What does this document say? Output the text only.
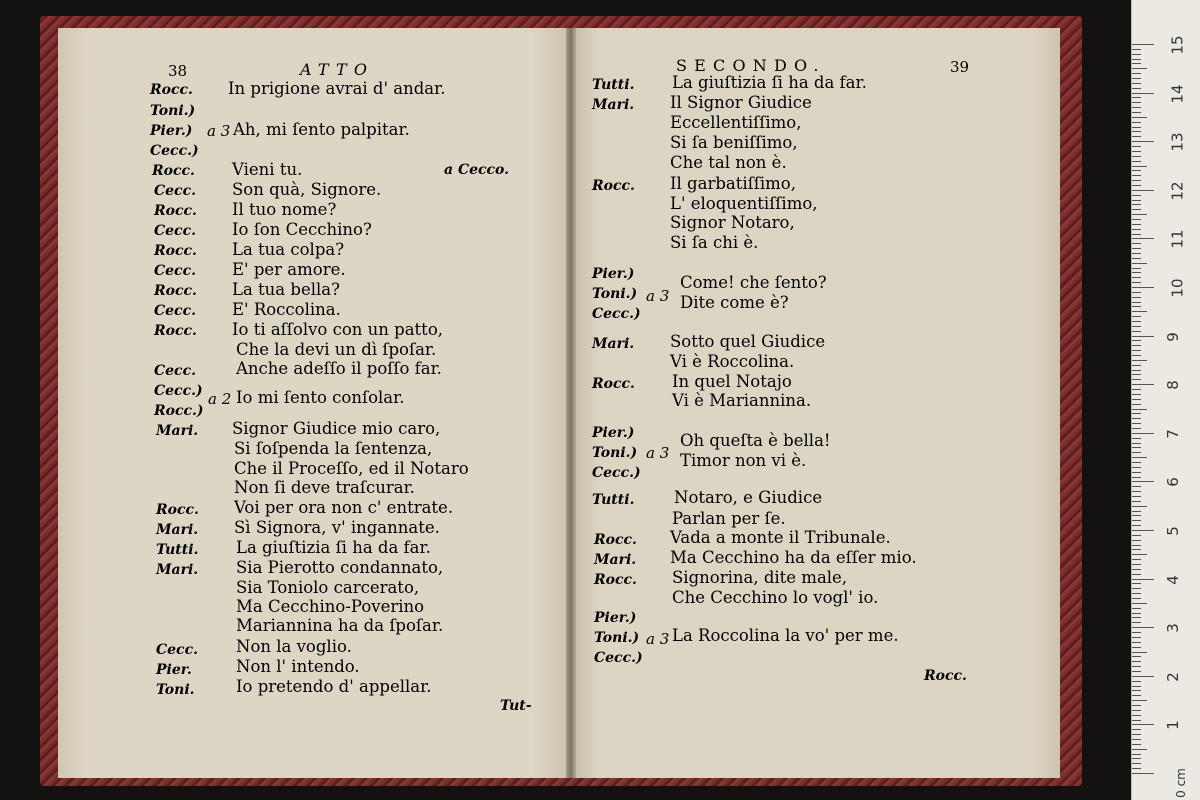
38	ATTO
Rocc. In prigione avrai d' andar.
Toni.)
Pier.) a 3 Ah, mi ſento palpitar.
Cecc.)
Rocc. Vieni tu.	a Cecco.
Cecc. Son quà, Signore.
Rocc. Il tuo nome?
Cecc. Io ſon Cecchino?
Rocc. La tua colpa?
Cecc. E' per amore.
Rocc. La tua bella?
Cecc. E' Roccolina.
Rocc. Io ti aſſolvo con un patto,
Che la devi un dì ſpoſar.
Cecc. Anche adeſſo il poſſo far.
Cecc.) a 2 Io mi ſento conſolar.
Rocc.)
Mari. Signor Giudice mio caro,
Si ſoſpenda la ſentenza,
Che il Proceſſo, ed il Notaro
Non ſi deve traſcurar.
Rocc. Voi per ora non c' entrate.
Mari. Sì Signora, v' ingannate.
Tutti. La giuſtizia ſi ha da far.
Mari. Sia Pierotto condannato,
Sia Toniolo carcerato,
Ma Cecchino-Poverino
Mariannina ha da ſpoſar.
Cecc. Non la voglio.
Pier.	Non l' intendo.
Toni.	Io pretendo d' appellar.
Tut-
SECONDO.	39
Tutti. La giuſtizia ſi ha da far.
Mari. Il Signor Giudice
Eccellentiſſimo,
Si ſa beniſſimo,
Che tal non è.
Rocc. Il garbatiſſimo,
L' eloquentiſſimo,
Signor Notaro,
Si ſa chi è.
Pier.)
Toni.)
Cecc.)
a 3
Come! che ſento?
Dite come è?
Mari. Sotto quel Giudice
Vi è Roccolina.
Rocc. In quel Notajo
Vi è Mariannina.
Pier.)
Toni.)
Cecc.)
a 3
Oh queſta è bella!
Timor non vi è.
Tutti. Notaro, e Giudice
Parlan per ſe.
Rocc. Vada a monte il Tribunale.
Mari. Ma Cecchino ha da eſſer mio.
Rocc. Signorina, dite male,
Che Cecchino lo vogl' io.
Pier.)
Toni.)
Cecc.)
a 3 La Roccolina la vo' per me.
Rocc.
0 cm
15
14
13
12
11
10
9
8
7
6
5
4
3
2
1
